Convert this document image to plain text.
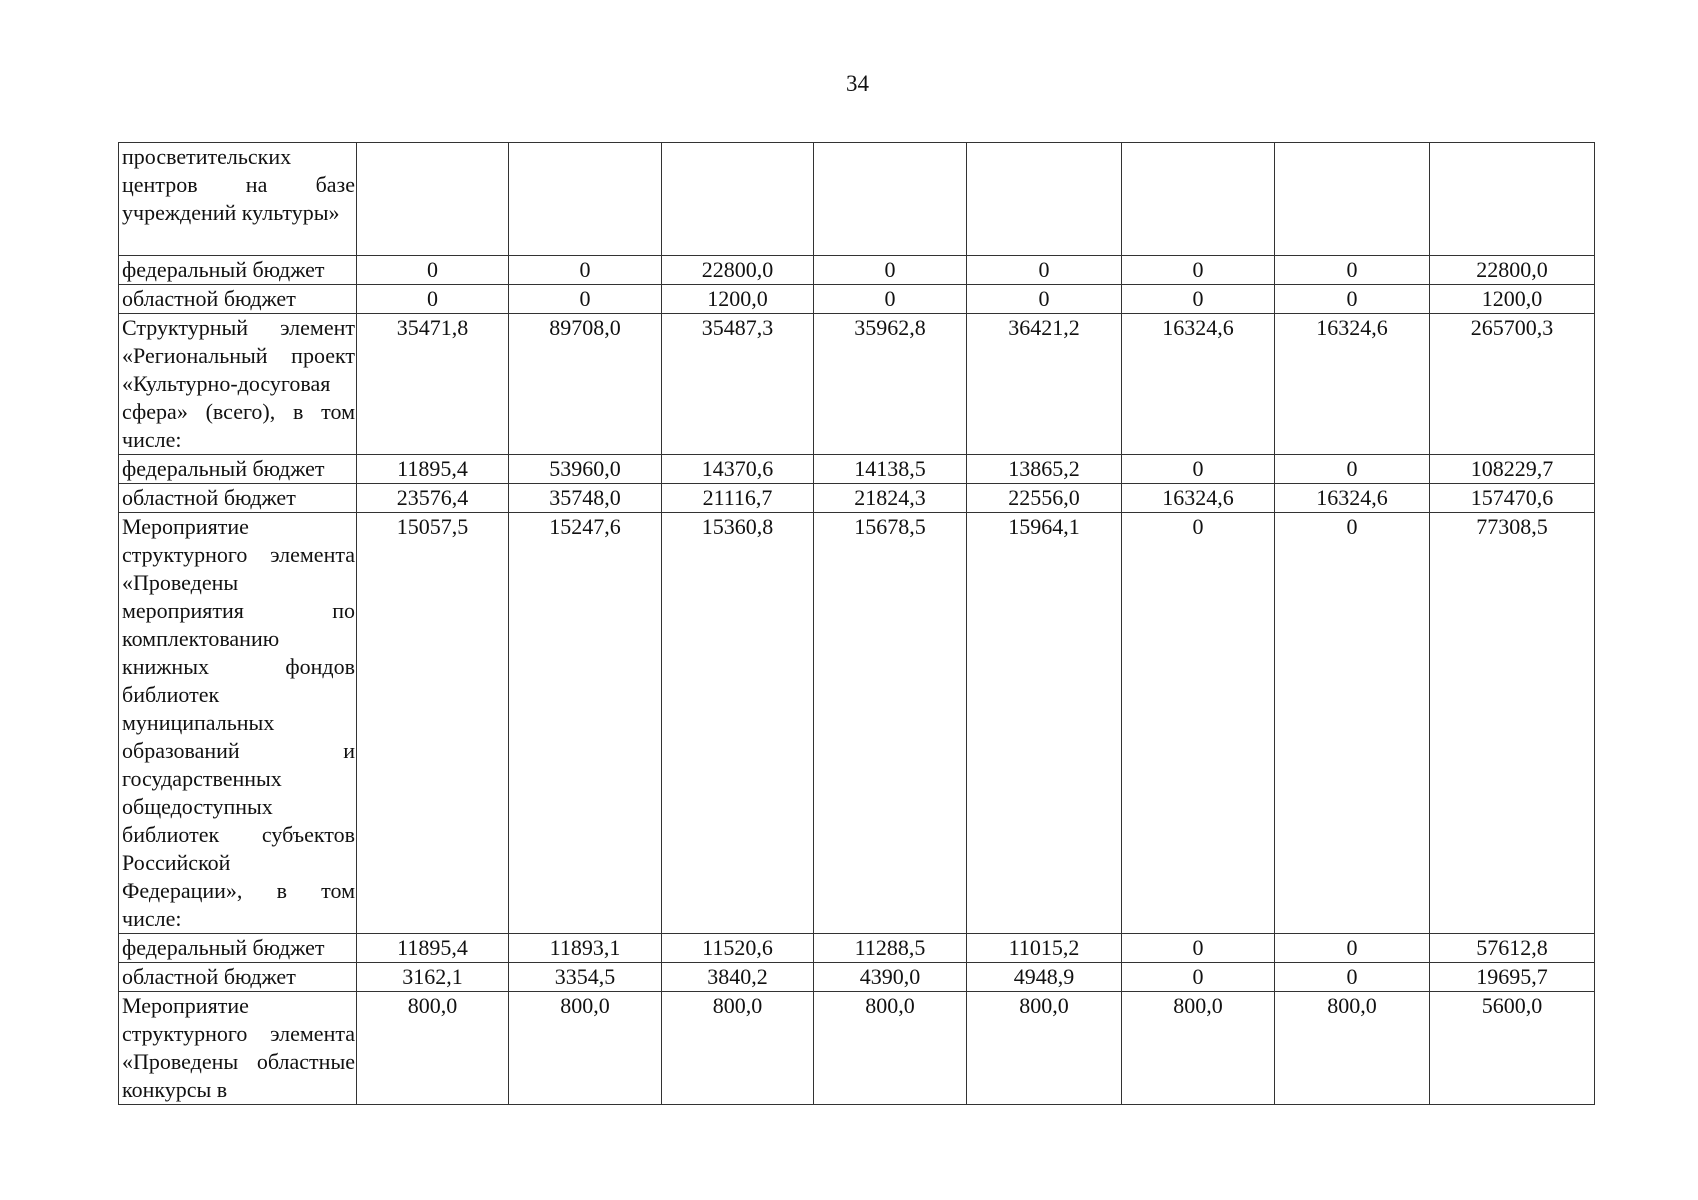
34
просветительских центров на базе учреждений культуры»								
федеральный бюджет	0	0	22800,0	0	0	0	0	22800,0
областной бюджет	0	0	1200,0	0	0	0	0	1200,0
Структурный элемент «Региональный проект «Культурно-досуговая сфера» (всего), в том числе:	35471,8	89708,0	35487,3	35962,8	36421,2	16324,6	16324,6	265700,3
федеральный бюджет	11895,4	53960,0	14370,6	14138,5	13865,2	0	0	108229,7
областной бюджет	23576,4	35748,0	21116,7	21824,3	22556,0	16324,6	16324,6	157470,6
Мероприятие структурного элемента «Проведены мероприятия по комплектованию книжных фондов библиотек муниципальных образований и государственных общедоступных библиотек субъектов Российской Федерации», в том числе:	15057,5	15247,6	15360,8	15678,5	15964,1	0	0	77308,5
федеральный бюджет	11895,4	11893,1	11520,6	11288,5	11015,2	0	0	57612,8
областной бюджет	3162,1	3354,5	3840,2	4390,0	4948,9	0	0	19695,7
Мероприятие структурного элемента «Проведены областные конкурсы в	800,0	800,0	800,0	800,0	800,0	800,0	800,0	5600,0
